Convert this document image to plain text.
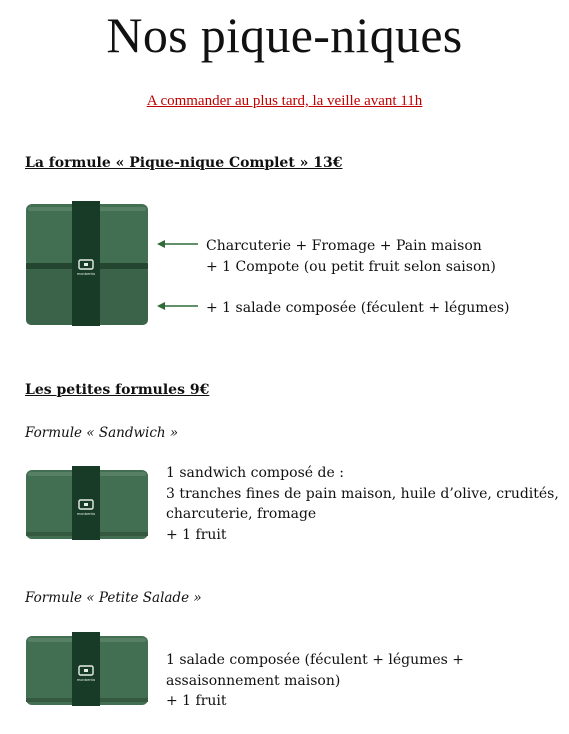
Nos pique-niques
A commander au plus tard, la veille avant 11h
La formule « Pique-nique Complet » 13€
monbento
Charcuterie + Fromage + Pain maison
+ 1 Compote (ou petit fruit selon saison)
+ 1 salade composée (féculent + légumes)
Les petites formules 9€
Formule « Sandwich »
monbento
1 sandwich composé de :
3 tranches fines de pain maison, huile d’olive, crudités,
charcuterie, fromage
+ 1 fruit
Formule « Petite Salade »
monbento
1 salade composée (féculent + légumes +
assaisonnement maison)
+ 1 fruit
